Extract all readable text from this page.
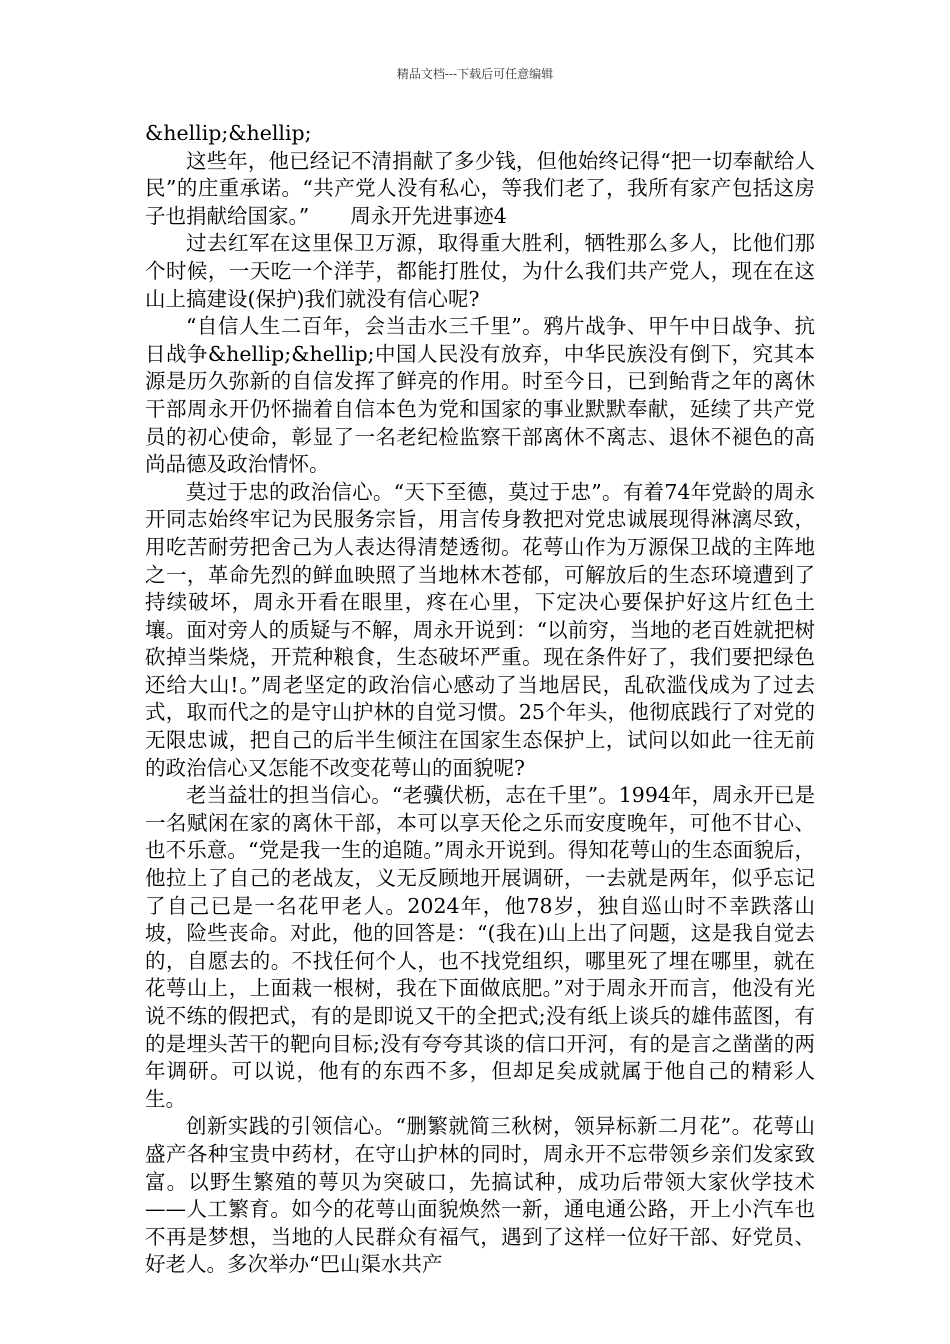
精品文档---下载后可任意编辑

&hellip;&hellip;

这些年，他已经记不清捐献了多少钱，但他始终记得“把一切奉献给人民”的庄重承诺。“共产党人没有私心，等我们老了，我所有家产包括这房子也捐献给国家。”　　周永开先进事迹4

过去红军在这里保卫万源，取得重大胜利，牺牲那么多人，比他们那个时候，一天吃一个洋芋，都能打胜仗，为什么我们共产党人，现在在这山上搞建设(保护)我们就没有信心呢?

“自信人生二百年，会当击水三千里”。鸦片战争、甲午中日战争、抗日战争&hellip;&hellip;中国人民没有放弃，中华民族没有倒下，究其本源是历久弥新的自信发挥了鲜亮的作用。时至今日，已到鲐背之年的离休干部周永开仍怀揣着自信本色为党和国家的事业默默奉献，延续了共产党员的初心使命，彰显了一名老纪检监察干部离休不离志、退休不褪色的高尚品德及政治情怀。

莫过于忠的政治信心。“天下至德，莫过于忠”。有着74年党龄的周永开同志始终牢记为民服务宗旨，用言传身教把对党忠诚展现得淋漓尽致，用吃苦耐劳把舍己为人表达得清楚透彻。花萼山作为万源保卫战的主阵地之一，革命先烈的鲜血映照了当地林木苍郁，可解放后的生态环境遭到了持续破坏，周永开看在眼里，疼在心里，下定决心要保护好这片红色土壤。面对旁人的质疑与不解，周永开说到：“以前穷，当地的老百姓就把树砍掉当柴烧，开荒种粮食，生态破坏严重。现在条件好了，我们要把绿色还给大山!。”周老坚定的政治信心感动了当地居民，乱砍滥伐成为了过去式，取而代之的是守山护林的自觉习惯。25个年头，他彻底践行了对党的无限忠诚，把自己的后半生倾注在国家生态保护上，试问以如此一往无前的政治信心又怎能不改变花萼山的面貌呢?

老当益壮的担当信心。“老骥伏枥，志在千里”。1994年，周永开已是一名赋闲在家的离休干部，本可以享天伦之乐而安度晚年，可他不甘心、也不乐意。“党是我一生的追随。”周永开说到。得知花萼山的生态面貌后，他拉上了自己的老战友，义无反顾地开展调研，一去就是两年，似乎忘记了自己已是一名花甲老人。2024年，他78岁，独自巡山时不幸跌落山坡，险些丧命。对此，他的回答是：“(我在)山上出了问题，这是我自觉去的，自愿去的。不找任何个人，也不找党组织，哪里死了埋在哪里，就在花萼山上，上面栽一根树，我在下面做底肥。”对于周永开而言，他没有光说不练的假把式，有的是即说又干的全把式;没有纸上谈兵的雄伟蓝图，有的是埋头苦干的靶向目标;没有夸夸其谈的信口开河，有的是言之凿凿的两年调研。可以说，他有的东西不多，但却足矣成就属于他自己的精彩人生。

创新实践的引领信心。“删繁就简三秋树，领异标新二月花”。花萼山盛产各种宝贵中药材，在守山护林的同时，周永开不忘带领乡亲们发家致富。以野生繁殖的萼贝为突破口，先搞试种，成功后带领大家伙学技术——人工繁育。如今的花萼山面貌焕然一新，通电通公路，开上小汽车也不再是梦想，当地的人民群众有福气，遇到了这样一位好干部、好党员、好老人。多次举办“巴山渠水共产
